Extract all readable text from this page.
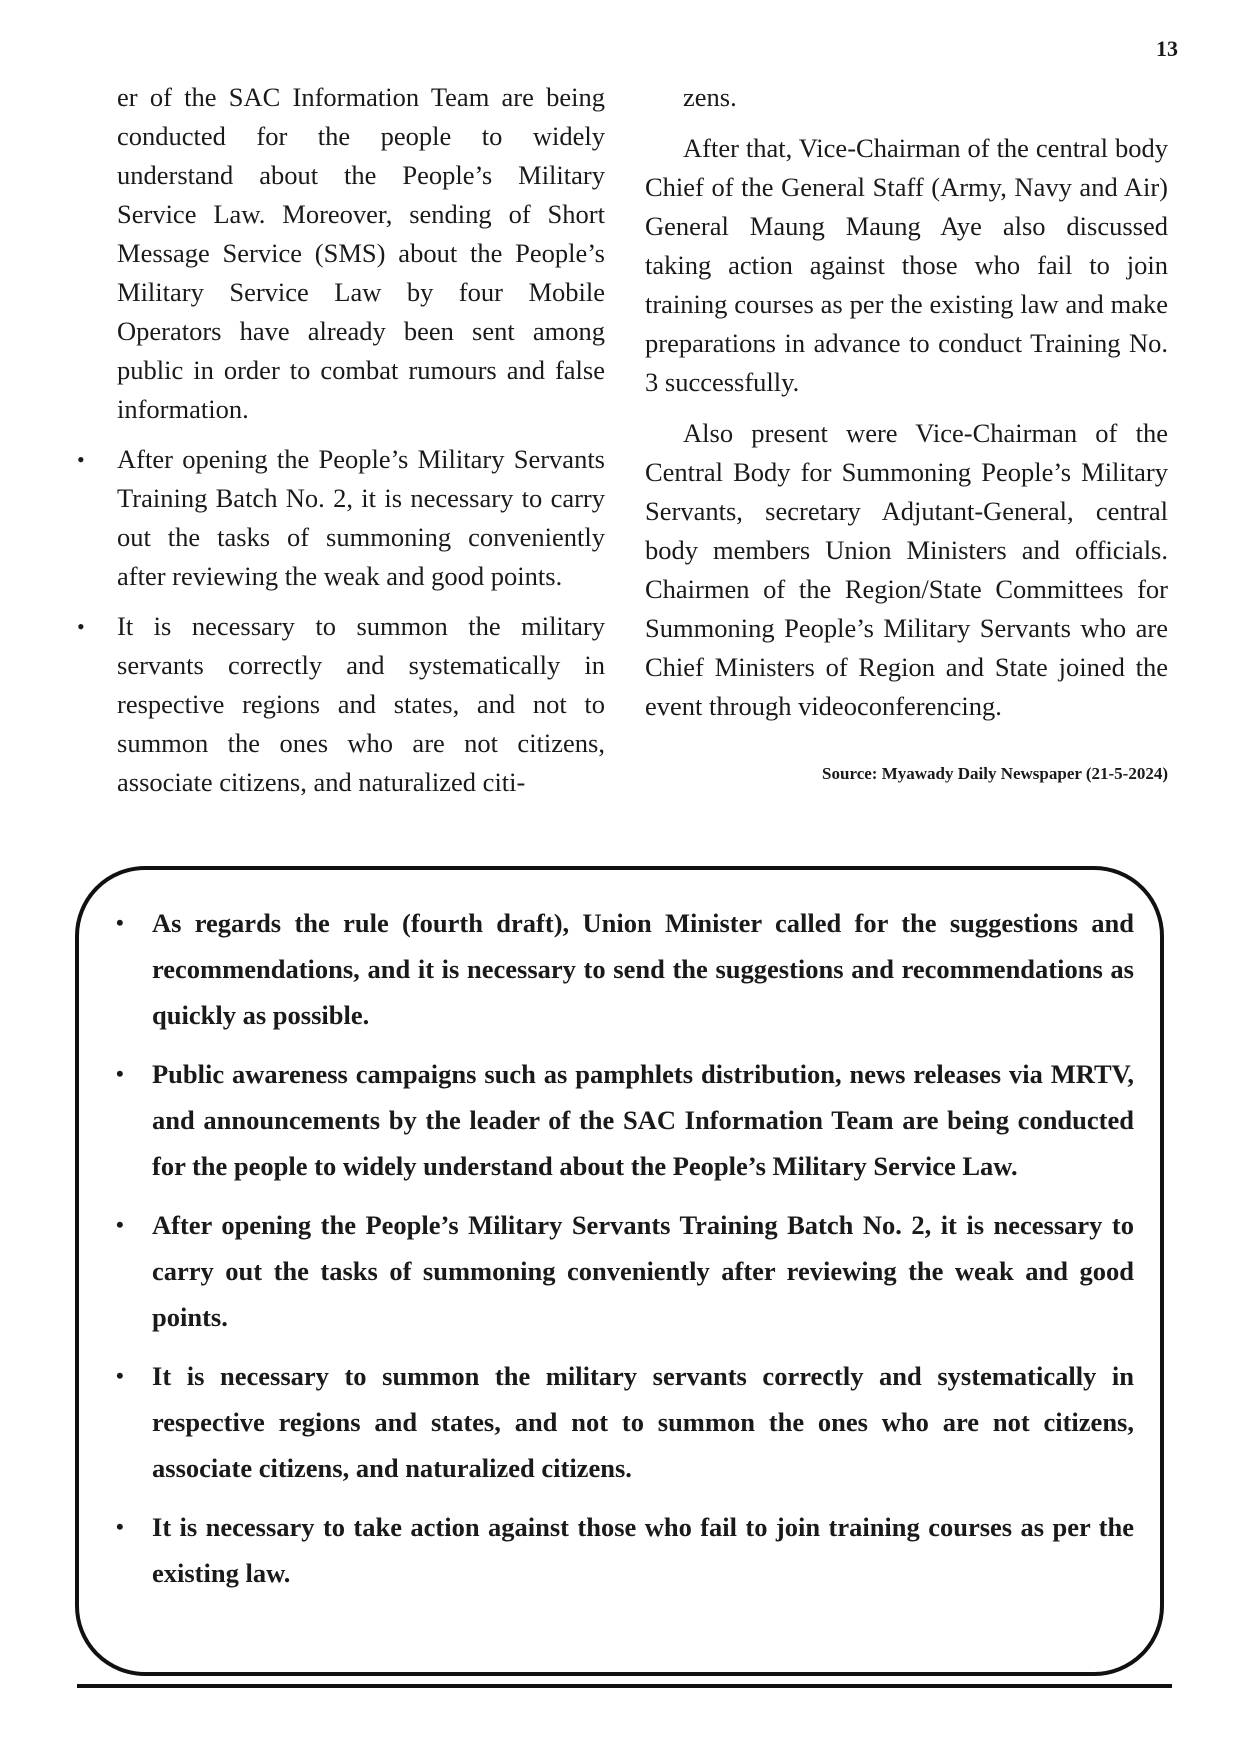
13

er of the SAC Information Team are being conducted for the people to widely understand about the People’s Military Service Law. Moreover, sending of Short Message Service (SMS) about the People’s Military Service Law by four Mobile Operators have already been sent among public in order to combat rumours and false information.

• After opening the People’s Military Servants Training Batch No. 2, it is necessary to carry out the tasks of summoning conveniently after reviewing the weak and good points.
• It is necessary to summon the military servants correctly and systematically in respective regions and states, and not to summon the ones who are not citizens, associate citizens, and naturalized citi-

zens.

After that, Vice-Chairman of the central body Chief of the General Staff (Army, Navy and Air) General Maung Maung Aye also discussed taking action against those who fail to join training courses as per the existing law and make preparations in advance to conduct Training No. 3 successfully.

Also present were Vice-Chairman of the Central Body for Summoning People’s Military Servants, secretary Adjutant-General, central body members Union Ministers and officials. Chairmen of the Region/State Committees for Summoning People’s Military Servants who are Chief Ministers of Region and State joined the event through videoconferencing.

Source: Myawady Daily Newspaper (21-5-2024)

• As regards the rule (fourth draft), Union Minister called for the suggestions and recommendations, and it is necessary to send the suggestions and recommendations as quickly as possible.
• Public awareness campaigns such as pamphlets distribution, news releases via MRTV, and announcements by the leader of the SAC Information Team are being conducted for the people to widely understand about the People’s Military Service Law.
• After opening the People’s Military Servants Training Batch No. 2, it is necessary to carry out the tasks of summoning conveniently after reviewing the weak and good points.
• It is necessary to summon the military servants correctly and systematically in respective regions and states, and not to summon the ones who are not citizens, associate citizens, and naturalized citizens.
• It is necessary to take action against those who fail to join training courses as per the existing law.
